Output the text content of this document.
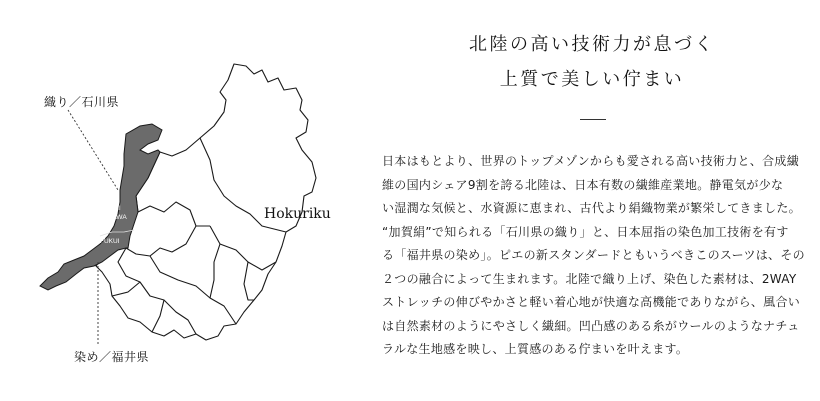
ISHI
KAWA
FUKUI
織り／石川県
染め／福井県
Hokuriku
北陸の高い技術力が息づく
上質で美しい佇まい
日本はもとより、世界のトップメゾンからも愛される高い技術力と、合成繊
維の国内シェア9割を誇る北陸は、日本有数の繊維産業地。静電気が少な
い湿潤な気候と、水資源に恵まれ、古代より絹織物業が繁栄してきました。
“加賀絹”で知られる「石川県の織り」と、日本屈指の染色加工技術を有す
る「福井県の染め」。ピエの新スタンダードともいうべきこのスーツは、その
２つの融合によって生まれます。北陸で織り上げ、染色した素材は、2WAY
ストレッチの伸びやかさと軽い着心地が快適な高機能でありながら、風合い
は自然素材のようにやさしく繊細。凹凸感のある糸がウールのようなナチュ
ラルな生地感を映し、上質感のある佇まいを叶えます。
